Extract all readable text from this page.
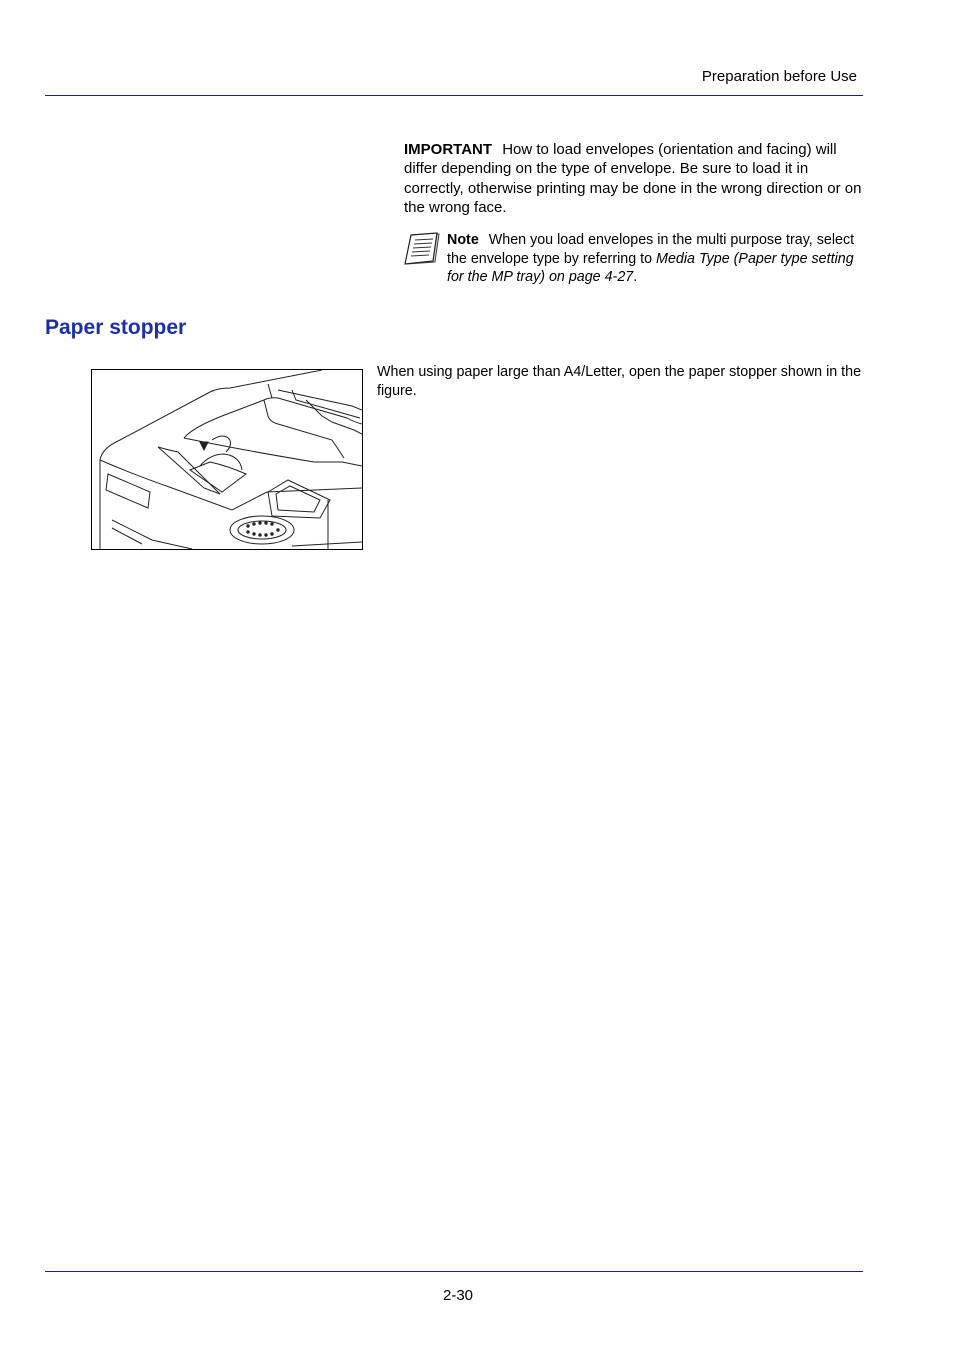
Preparation before Use
IMPORTANT How to load envelopes (orientation and facing) will differ depending on the type of envelope. Be sure to load it in correctly, otherwise printing may be done in the wrong direction or on the wrong face.
Note When you load envelopes in the multi purpose tray, select the envelope type by referring to Media Type (Paper type setting for the MP tray) on page 4-27.
Paper stopper
When using paper large than A4/Letter, open the paper stopper shown in the figure.
2-30
